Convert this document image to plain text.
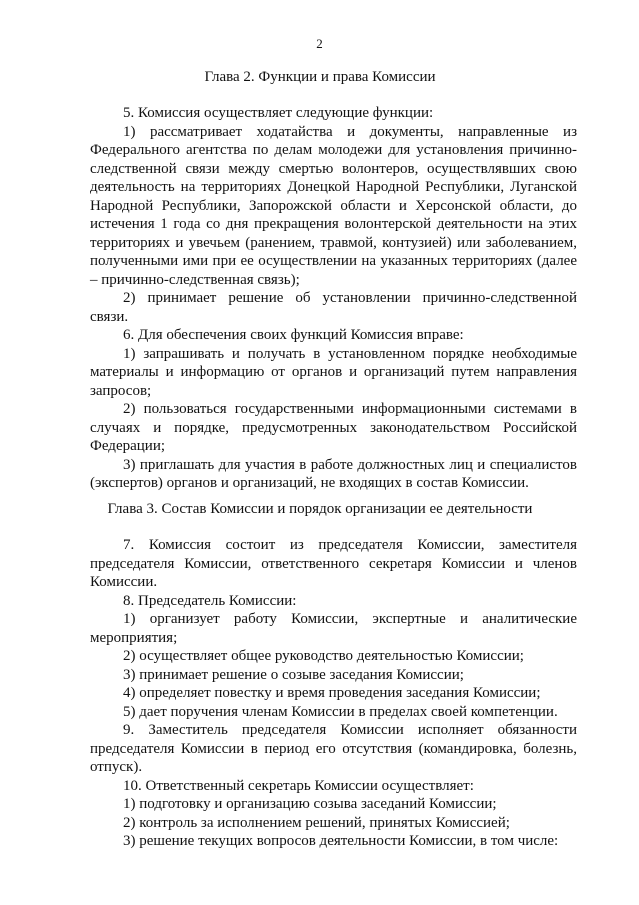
2
Глава 2. Функции и права Комиссии

5. Комиссия осуществляет следующие функции:

1) рассматривает ходатайства и документы, направленные из Федерального агентства по делам молодежи для установления причинно-следственной связи между смертью волонтеров, осуществлявших свою деятельность на территориях Донецкой Народной Республики, Луганской Народной Республики, Запорожской области и Херсонской области, до истечения 1 года со дня прекращения волонтерской деятельности на этих территориях и увечьем (ранением, травмой, контузией) или заболеванием, полученными ими при ее осуществлении на указанных территориях (далее – причинно-следственная связь);

2) принимает решение об установлении причинно-следственной связи.

6. Для обеспечения своих функций Комиссия вправе:

1) запрашивать и получать в установленном порядке необходимые материалы и информацию от органов и организаций путем направления запросов;

2) пользоваться государственными информационными системами в случаях и порядке, предусмотренных законодательством Российской Федерации;

3) приглашать для участия в работе должностных лиц и специалистов (экспертов) органов и организаций, не входящих в состав Комиссии.

Глава 3. Состав Комиссии и порядок организации ее деятельности

7. Комиссия состоит из председателя Комиссии, заместителя председателя Комиссии, ответственного секретаря Комиссии и членов Комиссии.

8. Председатель Комиссии:

1) организует работу Комиссии, экспертные и аналитические мероприятия;

2) осуществляет общее руководство деятельностью Комиссии;

3) принимает решение о созыве заседания Комиссии;

4) определяет повестку и время проведения заседания Комиссии;

5) дает поручения членам Комиссии в пределах своей компетенции.

9. Заместитель председателя Комиссии исполняет обязанности председателя Комиссии в период его отсутствия (командировка, болезнь, отпуск).

10. Ответственный секретарь Комиссии осуществляет:

1) подготовку и организацию созыва заседаний Комиссии;

2) контроль за исполнением решений, принятых Комиссией;

3) решение текущих вопросов деятельности Комиссии, в том числе:
